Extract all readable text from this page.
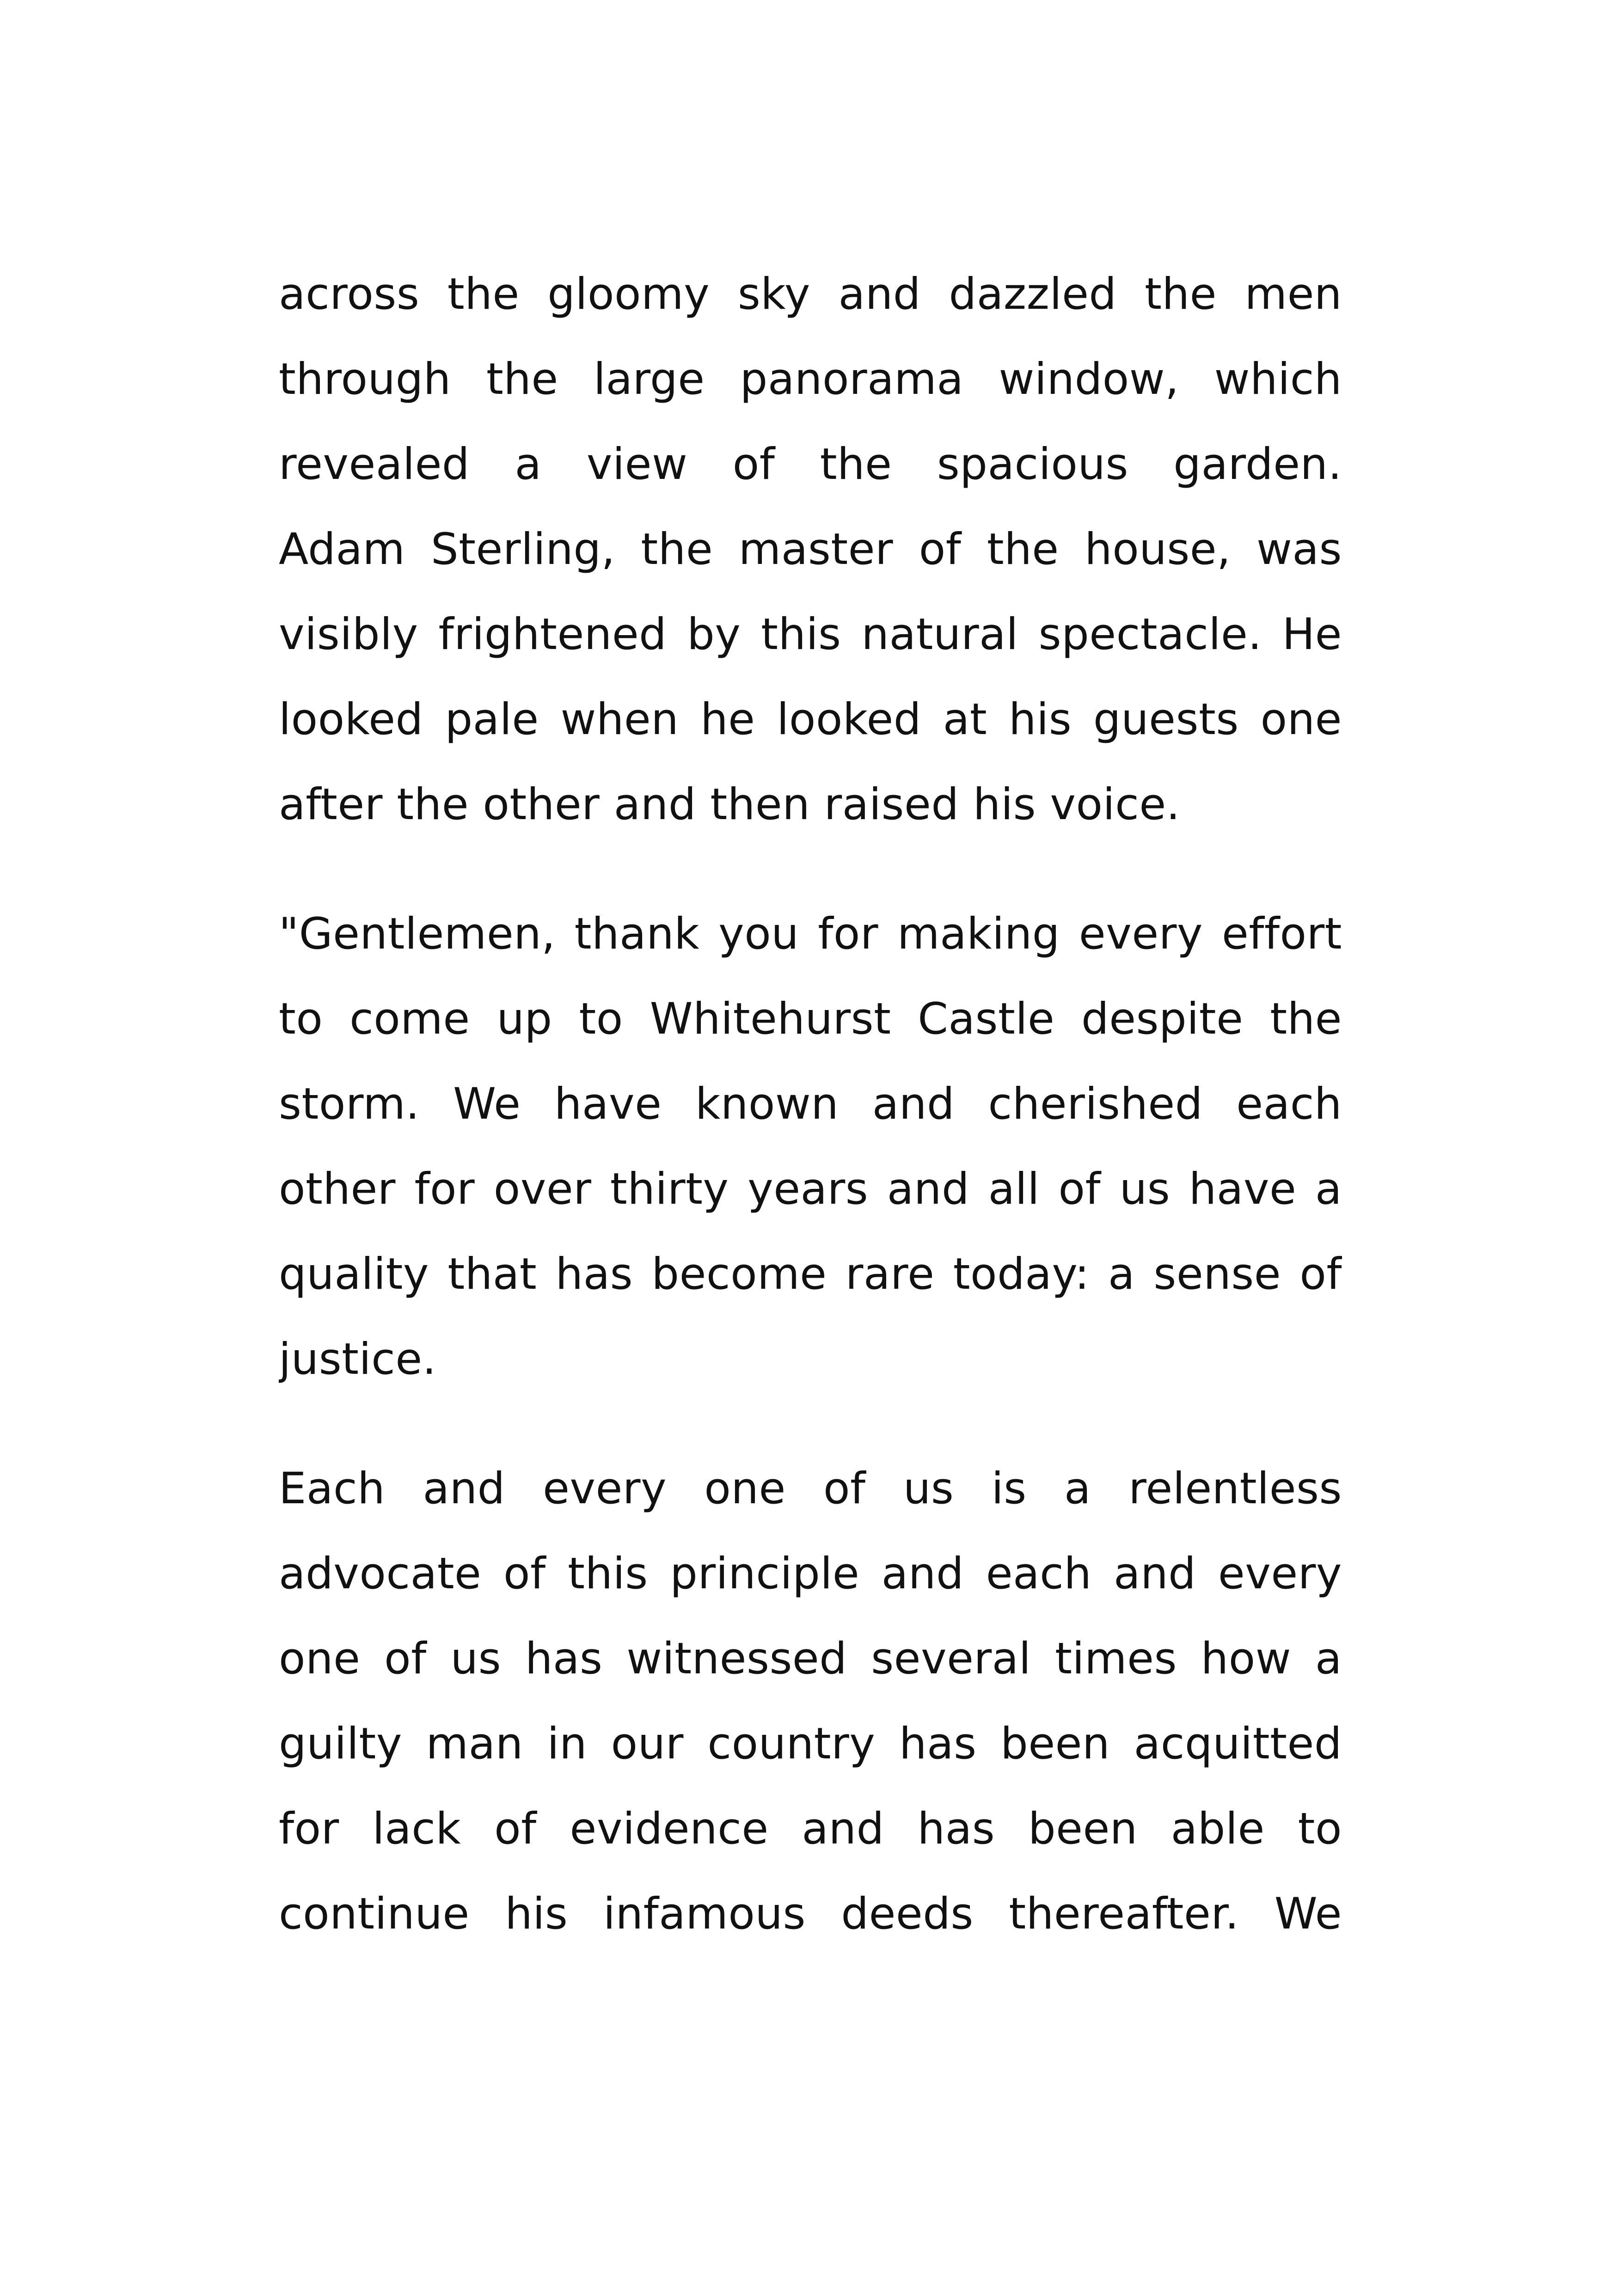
across the gloomy sky and dazzled the men
through the large panorama window, which
revealed a view of the spacious garden.
Adam Sterling, the master of the house, was
visibly frightened by this natural spectacle. He
looked pale when he looked at his guests one
after the other and then raised his voice.
"Gentlemen, thank you for making every effort
to come up to Whitehurst Castle despite the
storm. We have known and cherished each
other for over thirty years and all of us have a
quality that has become rare today: a sense of
justice.
Each and every one of us is a relentless
advocate of this principle and each and every
one of us has witnessed several times how a
guilty man in our country has been acquitted
for lack of evidence and has been able to
continue his infamous deeds thereafter. We
